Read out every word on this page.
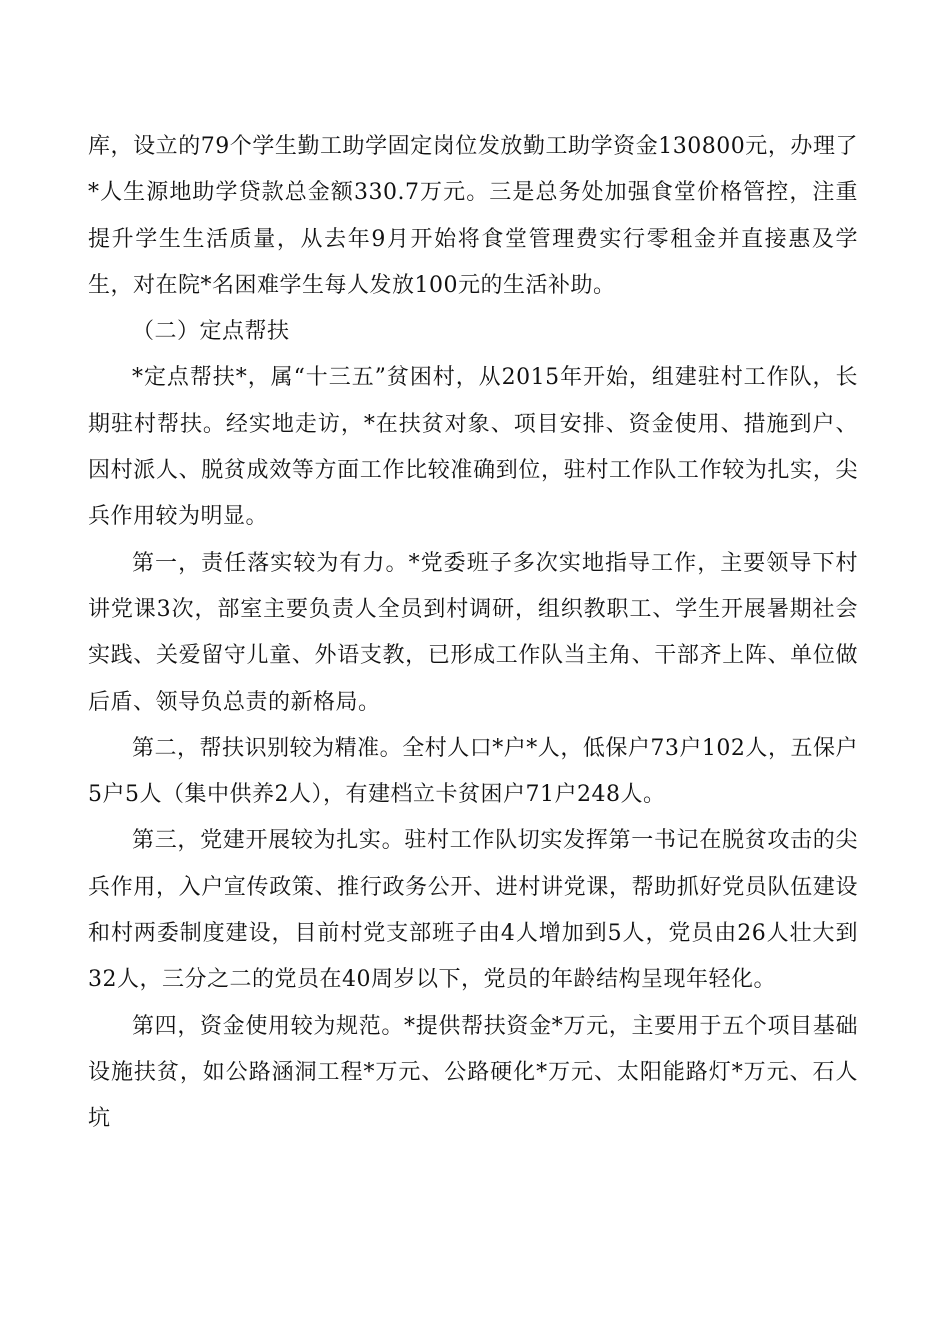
库，设立的79个学生勤工助学固定岗位发放勤工助学资金130800元，办理了*人生源地助学贷款总金额330.7万元。三是总务处加强食堂价格管控，注重提升学生生活质量，从去年9月开始将食堂管理费实行零租金并直接惠及学生，对在院*名困难学生每人发放100元的生活补助。

（二）定点帮扶

*定点帮扶*，属“十三五”贫困村，从2015年开始，组建驻村工作队，长期驻村帮扶。经实地走访，*在扶贫对象、项目安排、资金使用、措施到户、因村派人、脱贫成效等方面工作比较准确到位，驻村工作队工作较为扎实，尖兵作用较为明显。

第一，责任落实较为有力。*党委班子多次实地指导工作，主要领导下村讲党课3次，部室主要负责人全员到村调研，组织教职工、学生开展暑期社会实践、关爱留守儿童、外语支教，已形成工作队当主角、干部齐上阵、单位做后盾、领导负总责的新格局。

第二，帮扶识别较为精准。全村人口*户*人，低保户73户102人，五保户5户5人（集中供养2人），有建档立卡贫困户71户248人。

第三，党建开展较为扎实。驻村工作队切实发挥第一书记在脱贫攻击的尖兵作用，入户宣传政策、推行政务公开、进村讲党课，帮助抓好党员队伍建设和村两委制度建设，目前村党支部班子由4人增加到5人，党员由26人壮大到32人，三分之二的党员在40周岁以下，党员的年龄结构呈现年轻化。

第四，资金使用较为规范。*提供帮扶资金*万元，主要用于五个项目基础设施扶贫，如公路涵洞工程*万元、公路硬化*万元、太阳能路灯*万元、石人坑
